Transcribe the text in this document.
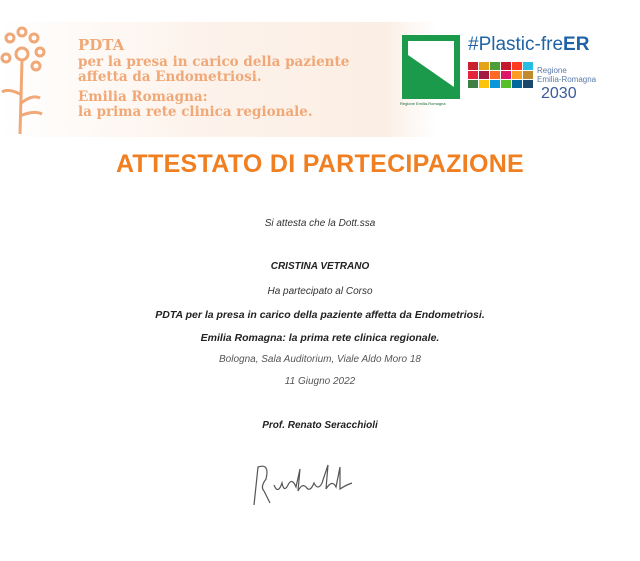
PDTA
per la presa in carico della paziente
affetta da Endometriosi.
Emilia Romagna:
la prima rete clinica regionale.
Regione Emilia-Romagna
#Plastic-freER
Regione
Emilia-Romagna
2030
ATTESTATO DI PARTECIPAZIONE
Si attesta che la Dott.ssa
CRISTINA VETRANO
Ha partecipato al Corso
PDTA per la presa in carico della paziente affetta da Endometriosi.
Emilia Romagna: la prima rete clinica regionale.
Bologna, Sala Auditorium, Viale Aldo Moro 18
11 Giugno 2022
Prof. Renato Seracchioli
